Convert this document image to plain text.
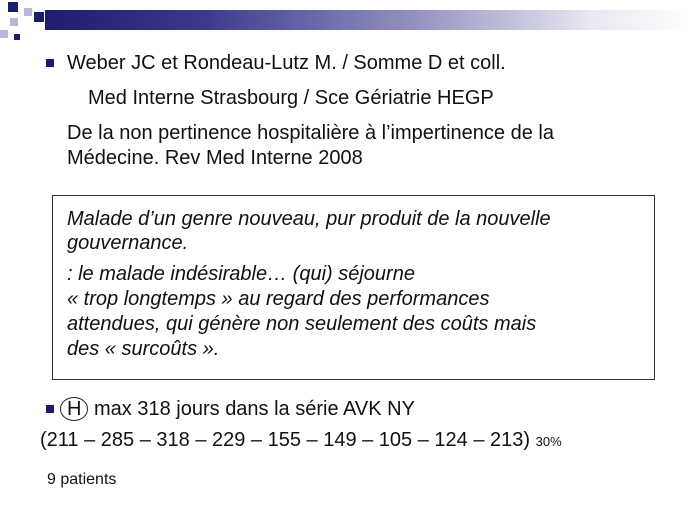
Weber JC et Rondeau-Lutz M. / Somme D et coll.
Med Interne Strasbourg / Sce Gériatrie HEGP
De la non pertinence hospitalière à l’impertinence de la
Médecine. Rev Med Interne 2008
Malade d’un genre nouveau, pur produit de la nouvelle
gouvernance.
: le malade indésirable… (qui) séjourne
« trop longtemps » au regard des performances
attendues, qui génère non seulement des coûts mais
des « surcoûts ».
H max 318 jours dans la série AVK NY
(211 – 285 – 318 – 229 – 155 – 149 – 105 – 124 – 213) 30%
9 patients
